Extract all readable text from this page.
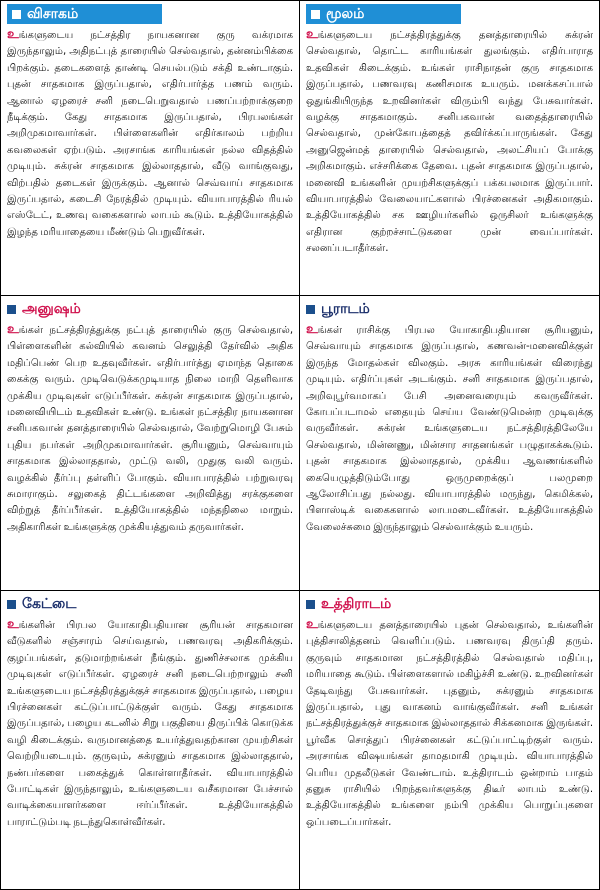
விசாகம்
உங்களுடைய நட்சத்திர நாயகனான குரு வக்ரமாக இருந்தாலும், அதிநட்புத் தாரையில் செல்வதால், தன்னம்பிக்கை பிறக்கும். தடைகளைத் தாண்டி செயல்படும் சக்தி உண்டாகும். புதன் சாதகமாக இருப்பதால், எதிர்பார்த்த பணம் வரும். ஆனால் ஏழரைச் சனி நடைபெறுவதால் பணப்பற்றாக்குறை நீடிக்கும். கேது சாதகமாக இருப்பதால், பிரபலங்கள் அறிமுகமாவார்கள். பிள்ளைகளின் எதிர்காலம் பற்றிய கவலைகள் ஏற்படும். அரசாங்க காரியங்கள் நல்ல விதத்தில் முடியும். சுக்ரன் சாதகமாக இல்லாததால், வீடு வாங்குவது, விற்பதில் தடைகள் இருக்கும். ஆனால் செவ்வாய் சாதகமாக இருப்பதால், கடைசி நேரத்தில் முடியும். வியாபாரத்தில் ரியல் எஸ்டேட், உணவு வகைகளால் லாபம் கூடும். உத்தியோகத்தில் இழந்த மரியாதையை மீண்டும் பெறுவீர்கள்.
மூலம்
உங்களுடைய நட்சத்திரத்துக்கு தனத்தாரையில் சுக்ரன் செல்வதால், தொட்ட காரியங்கள் துலங்கும். எதிர்பாராத உதவிகள் கிடைக்கும். உங்கள் ராசிநாதன் குரு சாதகமாக இருப்பதால், பணவரவு கணிசமாக உயரும். மனக்கசப்பால் ஒதுங்கியிருந்த உறவினர்கள் விரும்பி வந்து பேசுவார்கள். வழக்கு சாதகமாகும். சனிபகவான் வதைத்தாரையில் செல்வதால், முன்கோபத்தைத் தவிர்க்கப்பாருங்கள். கேது அனுஜென்மத் தாரையில் செல்வதால், அலட்சியப் போக்கு அறிகமாகும். எச்சரிக்கை தேவை. புதன் சாதகமாக இருப்பதால், மனைவி உங்களின் முயற்சிகளுக்குப் பக்கபலமாக இருப்பார். வியாபாரத்தில் வேலையாட்களால் பிரச்னைகள் அதிகமாகும். உத்தியோகத்தில் சக ஊழியர்களில் ஒருசிலர் உங்களுக்கு எதிரான குற்றச்சாட்டுகளை முன் வைப்பார்கள். சலனப்படாதீர்கள்.
அனுஷம்
உங்கள் நட்சத்திரத்துக்கு நட்புத் தாரையில் குரு செல்வதால், பிள்ளைகளின் கல்வியில் கவனம் செலுத்தி தேர்வில் அதிக மதிப்பெண் பெற உதவுவீர்கள். எதிர்பார்த்து ஏமாந்த தொகை கைக்கு வரும். முடிவெடுக்கமுடியாத நிலை மாறி தெளிவாக முக்கிய முடிவுகள் எடுப்பீர்கள். சுக்ரன் சாதகமாக இருப்பதால், மனைவியிடம் உதவிகள் உண்டு. உங்கள் நட்சத்திர நாயகனான சனிபகவான் தனத்தாரையில் செல்வதால், வேற்றுமொழி பேசும் புதிய நபர்கள் அறிமுகமாவார்கள். சூரியனும், செவ்வாயும் சாதகமாக இல்லாததால், முட்டு வலி, முதுகு வலி வரும். வழக்கில் தீர்ப்பு தள்ளிப் போகும். வியாபாரத்தில் பற்றுவரவு சுமாராகும். சலுகைத் திட்டங்களை அறிவித்து சரக்குகளை விற்றுத் தீர்ப்பீர்கள். உத்தியோகத்தில் மந்தநிலை மாறும். அதிகாரிகள் உங்களுக்கு முக்கியத்துவம் தருவார்கள்.
பூராடம்
உங்கள் ராசிக்கு பிரபல யோகாதிபதியான சூரியனும், செவ்வாயும் சாதகமாக இருப்பதால், கணவன்-மனைவிக்குள் இருந்த மோதல்கள் விலகும். அரசு காரியங்கள் விரைந்து முடியும். எதிர்ப்புகள் அடங்கும். சனி சாதகமாக இருப்பதால், அறிவுபூர்வமாகப் பேசி அனைவரையும் கவருவீர்கள். கோபப்படாமல் எதையும் செய்ய வேண்டுமென்ற முடிவுக்கு வருவீர்கள். சுக்ரன் உங்களுடைய நட்சத்திரத்திலேயே செல்வதால், மின்னணு, மின்சார சாதனங்கள் பழுதாகக்கூடும். புதன் சாதகமாக இல்லாததால், முக்கிய ஆவணங்களில் கையெழுத்திடும்போது ஒருமுறைக்குப் பலமுறை ஆலோசிப்பது நல்லது. வியாபாரத்தில் மருந்து, கெமிக்கல், பிளாஸ்டிக் வகைகளால் லாபமடைவீர்கள். உத்தியோகத்தில் வேலைச்சுமை இருந்தாலும் செல்வாக்கும் உயரும்.
கேட்டை
உங்களின் பிரபல யோகாதிபதியான சூரியன் சாதகமான வீடுகளில் சஞ்சாரம் செய்வதால், பணவரவு அதிகரிக்கும். குழப்பங்கள், தடுமாற்றங்கள் நீங்கும். துணிச்சலாக முக்கிய முடிவுகள் எடுப்பீர்கள். ஏழரைச் சனி நடைபெற்றாலும் சனி உங்களுடைய நட்சத்திரத்துக்குச் சாதகமாக இருப்பதால், பழைய பிரச்னைகள் கட்டுப்பாட்டுக்குள் வரும். கேது சாதகமாக இருப்பதால், பழைய கடனில் சிறு பகுதியை திருப்பிக் கொடுக்க வழி கிடைக்கும். வருமானத்தை உயர்த்துவதற்கான முயற்சிகள் வெற்றியடையும். குருவும், சுக்ரனும் சாதகமாக இல்லாததால், நண்பர்களை பகைத்துக் கொள்ளாதீர்கள். வியாபாரத்தில் போட்டிகள் இருந்தாலும், உங்களுடைய வசீகரமான பேச்சால் வாடிக்கையாளர்களை ஈர்ப்பீர்கள். உத்தியோகத்தில் பாராட்டும்படி நடந்துகொள்வீர்கள்.
உத்திராடம்
உங்களுடைய தனத்தாரையில் புதன் செல்வதால், உங்களின் புத்திசாலித்தனம் வெளிப்படும். பணவரவு திருப்தி தரும். குருவும் சாதகமான நட்சத்திரத்தில் செல்வதால் மதிப்பு, மரியாதை கூடும். பிள்ளைகளால் மகிழ்ச்சி உண்டு. உறவினர்கள் தேடிவந்து பேசுவார்கள். புதனும், சுக்ரனும் சாதகமாக இருப்பதால், புது வாகனம் வாங்குவீர்கள். சனி உங்கள் நட்சத்திரத்துக்குச் சாதகமாக இல்லாததால் சிக்கனமாக இருங்கள். பூர்வீக சொத்துப் பிரச்னைகள் கட்டுப்பாட்டிற்குள் வரும். அரசாங்க விஷயங்கள் தாமதமாகி முடியும். வியாபாரத்தில் பெரிய முதலீடுகள் வேண்டாம். உத்திராடம் ஒன்றாம் பாதம் தனுசு ராசியில் பிறந்தவர்களுக்கு திடீர் லாபம் உண்டு. உத்தியோகத்தில் உங்களை நம்பி முக்கிய பொறுப்புகளை ஒப்படைப்பார்கள்.
